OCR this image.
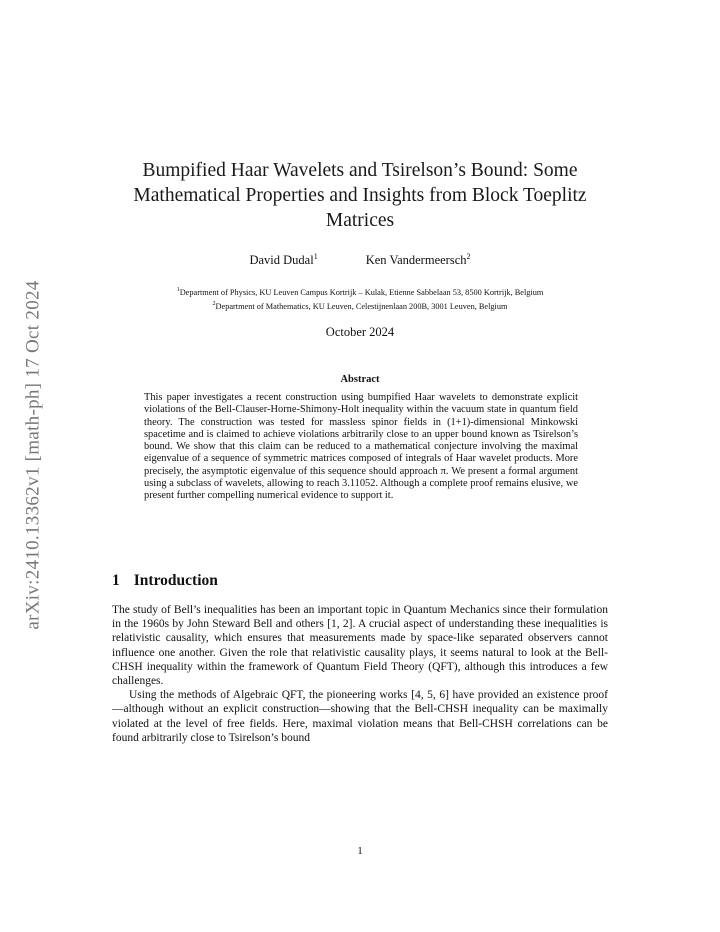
arXiv:2410.13362v1 [math-ph] 17 Oct 2024
Bumpified Haar Wavelets and Tsirelson’s Bound: Some Mathematical Properties and Insights from Block Toeplitz Matrices
David Dudal$^1$	Ken Vandermeersch$^2$
$^1$Department of Physics, KU Leuven Campus Kortrijk – Kulak, Etienne Sabbelaan 53, 8500 Kortrijk, Belgium
$^2$Department of Mathematics, KU Leuven, Celestijnenlaan 200B, 3001 Leuven, Belgium
October 2024
Abstract
This paper investigates a recent construction using bumpified Haar wavelets to demonstrate explicit violations of the Bell-Clauser-Horne-Shimony-Holt inequality within the vacuum state in quantum field theory. The construction was tested for massless spinor fields in (1+1)-dimensional Minkowski spacetime and is claimed to achieve violations arbitrarily close to an upper bound known as Tsirelson’s bound. We show that this claim can be reduced to a mathematical conjecture involving the maximal eigenvalue of a sequence of symmetric matrices composed of integrals of Haar wavelet products. More precisely, the asymptotic eigenvalue of this sequence should approach π. We present a formal argument using a subclass of wavelets, allowing to reach 3.11052. Although a complete proof remains elusive, we present further compelling numerical evidence to support it.
1 Introduction

The study of Bell’s inequalities has been an important topic in Quantum Mechanics since their formulation in the 1960s by John Steward Bell and others [1, 2]. A crucial aspect of understanding these inequalities is relativistic causality, which ensures that measurements made by space-like separated observers cannot influence one another. Given the role that relativistic causality plays, it seems natural to look at the Bell-CHSH inequality within the framework of Quantum Field Theory (QFT), although this introduces a few challenges.

Using the methods of Algebraic QFT, the pioneering works [4, 5, 6] have provided an existence proof—although without an explicit construction—showing that the Bell-CHSH inequality can be maximally violated at the level of free fields. Here, maximal violation means that Bell-CHSH correlations can be found arbitrarily close to Tsirelson’s bound

1
